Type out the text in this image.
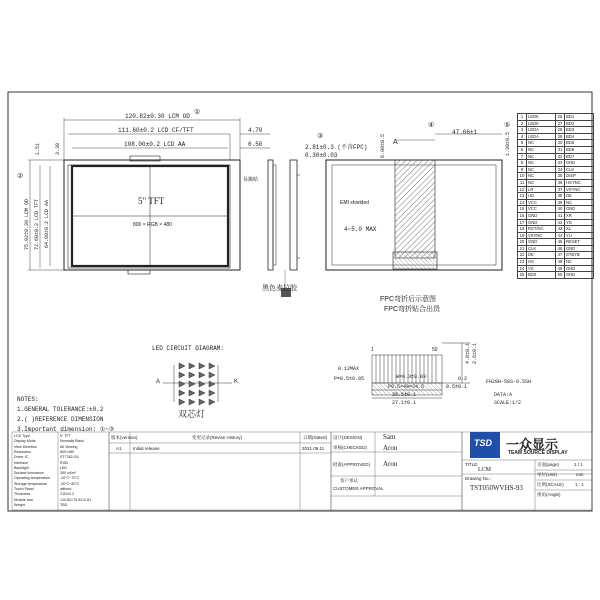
120.82±0.30 LCM OD
111.60±0.2 LCD CF/TFT
108.00±0.2 LCD AA
4.70
6.50
①
②
75.92±0.30 LCM OD 72.60±0.2 LCD TFT 64.80±0.2 LCD AA
1.51	3.38
5" TFT
800 × RGB × 480
2.81±0.3 (不含FPC)
0.30±0.03
③
易撕贴
黑色麦拉胶
6.00±0.5
47.66±1	1.30±0.5
4~5.0 MAX
A
EMI shielded
④	⑤
FPC弯折后示意图
FPC弯折贴合出货
1	LEDK	26	BD1
2	LEDK	27	BD2
3	LEDA	28	BD3
4	LEDA	29	BD4
5	NC	30	BD5
6	NC	31	BD6
7	NC	32	BD7
8	NC	33	GND
9	NC	34	CLK
10	NC	35	DISP
11	NC	36	HSYNC
12	LR	37	VSYNC
13	UD	38	DE
14	VCC	39	NC
15	VCC	40	GND
16	GND	41	XR
17	GND	42	YD
18	RST/NC	43	XL
19	VSYNC	44	YU
20	GND	45	RESET
21	CLK	46	GND
22	DE	47	STBYB
23	HS	48	NC
24	VS	49	GND
25	BD0	50	GND
LED CIRCUIT DIAGRAM:
A	K
双芯灯
NOTES:
1.GENERAL TOLERANCE:±0.2
2.( )REFERENCE DIMENSION
3.Important dimension: ①~③
1	50
P=0.5±0.05	W=0.3±0.03
P0.5×49=24.5
25.5±0.1
27.1±0.1
0.5±0.1
4.8±0.1 2.6±0.1
0.12MAX
0.2	FH28H-50S-0.5SH
DATA:A
SCALE:1/2
LCD Type	5" TFT
Display Mode	Normally Black
View Direction	All Viewing
Resolution	800×480
Driver IC	ST7262-G4
Interface	RGB
Backlight	LED
Surface luminance	350 cd/m²
Operating temperature	-20°C~70°C
Storage temperature	-30°C~80°C
Touch Panel	without
Thickness	2.81±0.3
Module size	120.82×75.92×2.81
Weight	TBD
版本(version)	变更记录(Revise History)	日期(Dated)
A1	Initial release	2021.09.11
设计(DESIGN)	Sam
审核(CHECKED) Aron
批准(APPROVED) Aron
客户承认
CUSTOMER APPROVAL
TSD 一众显示
TEAM SOURCE DISPLAY
TITLE:
LCM
Drawing No.:
TST050WVHS-93
页面(page)	1 / 1
单位(Unit)	mm
比例(SCALE) 1 : 1
视角(Angle)
